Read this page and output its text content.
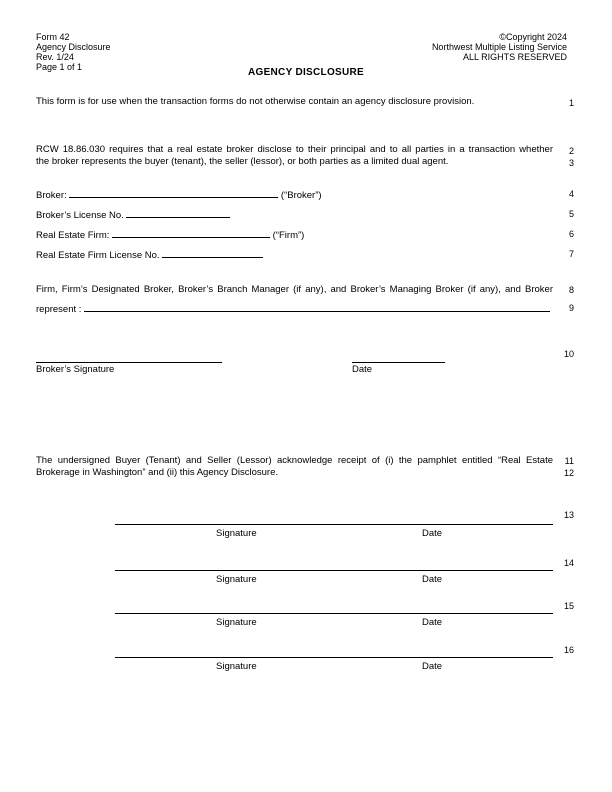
Form 42
Agency Disclosure
Rev. 1/24
Page 1 of 1
©Copyright 2024
Northwest Multiple Listing Service
ALL RIGHTS RESERVED
AGENCY DISCLOSURE
1
2
3
4
5
6
7
8
9
10
11
12
13
14
15
16
This form is for use when the transaction forms do not otherwise contain an agency disclosure provision.
RCW 18.86.030 requires that a real estate broker disclose to their principal and to all parties in a transaction whether
the broker represents the buyer (tenant), the seller (lessor), or both parties as a limited dual agent.
Broker:	(“Broker”)
Broker’s License No.
Real Estate Firm:	(“Firm”)
Real Estate Firm License No.
Firm, Firm’s Designated Broker, Broker’s Branch Manager (if any), and Broker’s Managing Broker (if any), and Broker
represent :
Broker’s Signature	Date
The undersigned Buyer (Tenant) and Seller (Lessor) acknowledge receipt of (i) the pamphlet entitled “Real Estate
Brokerage in Washington” and (ii) this Agency Disclosure.
Signature	Date
Signature	Date
Signature	Date
Signature	Date
